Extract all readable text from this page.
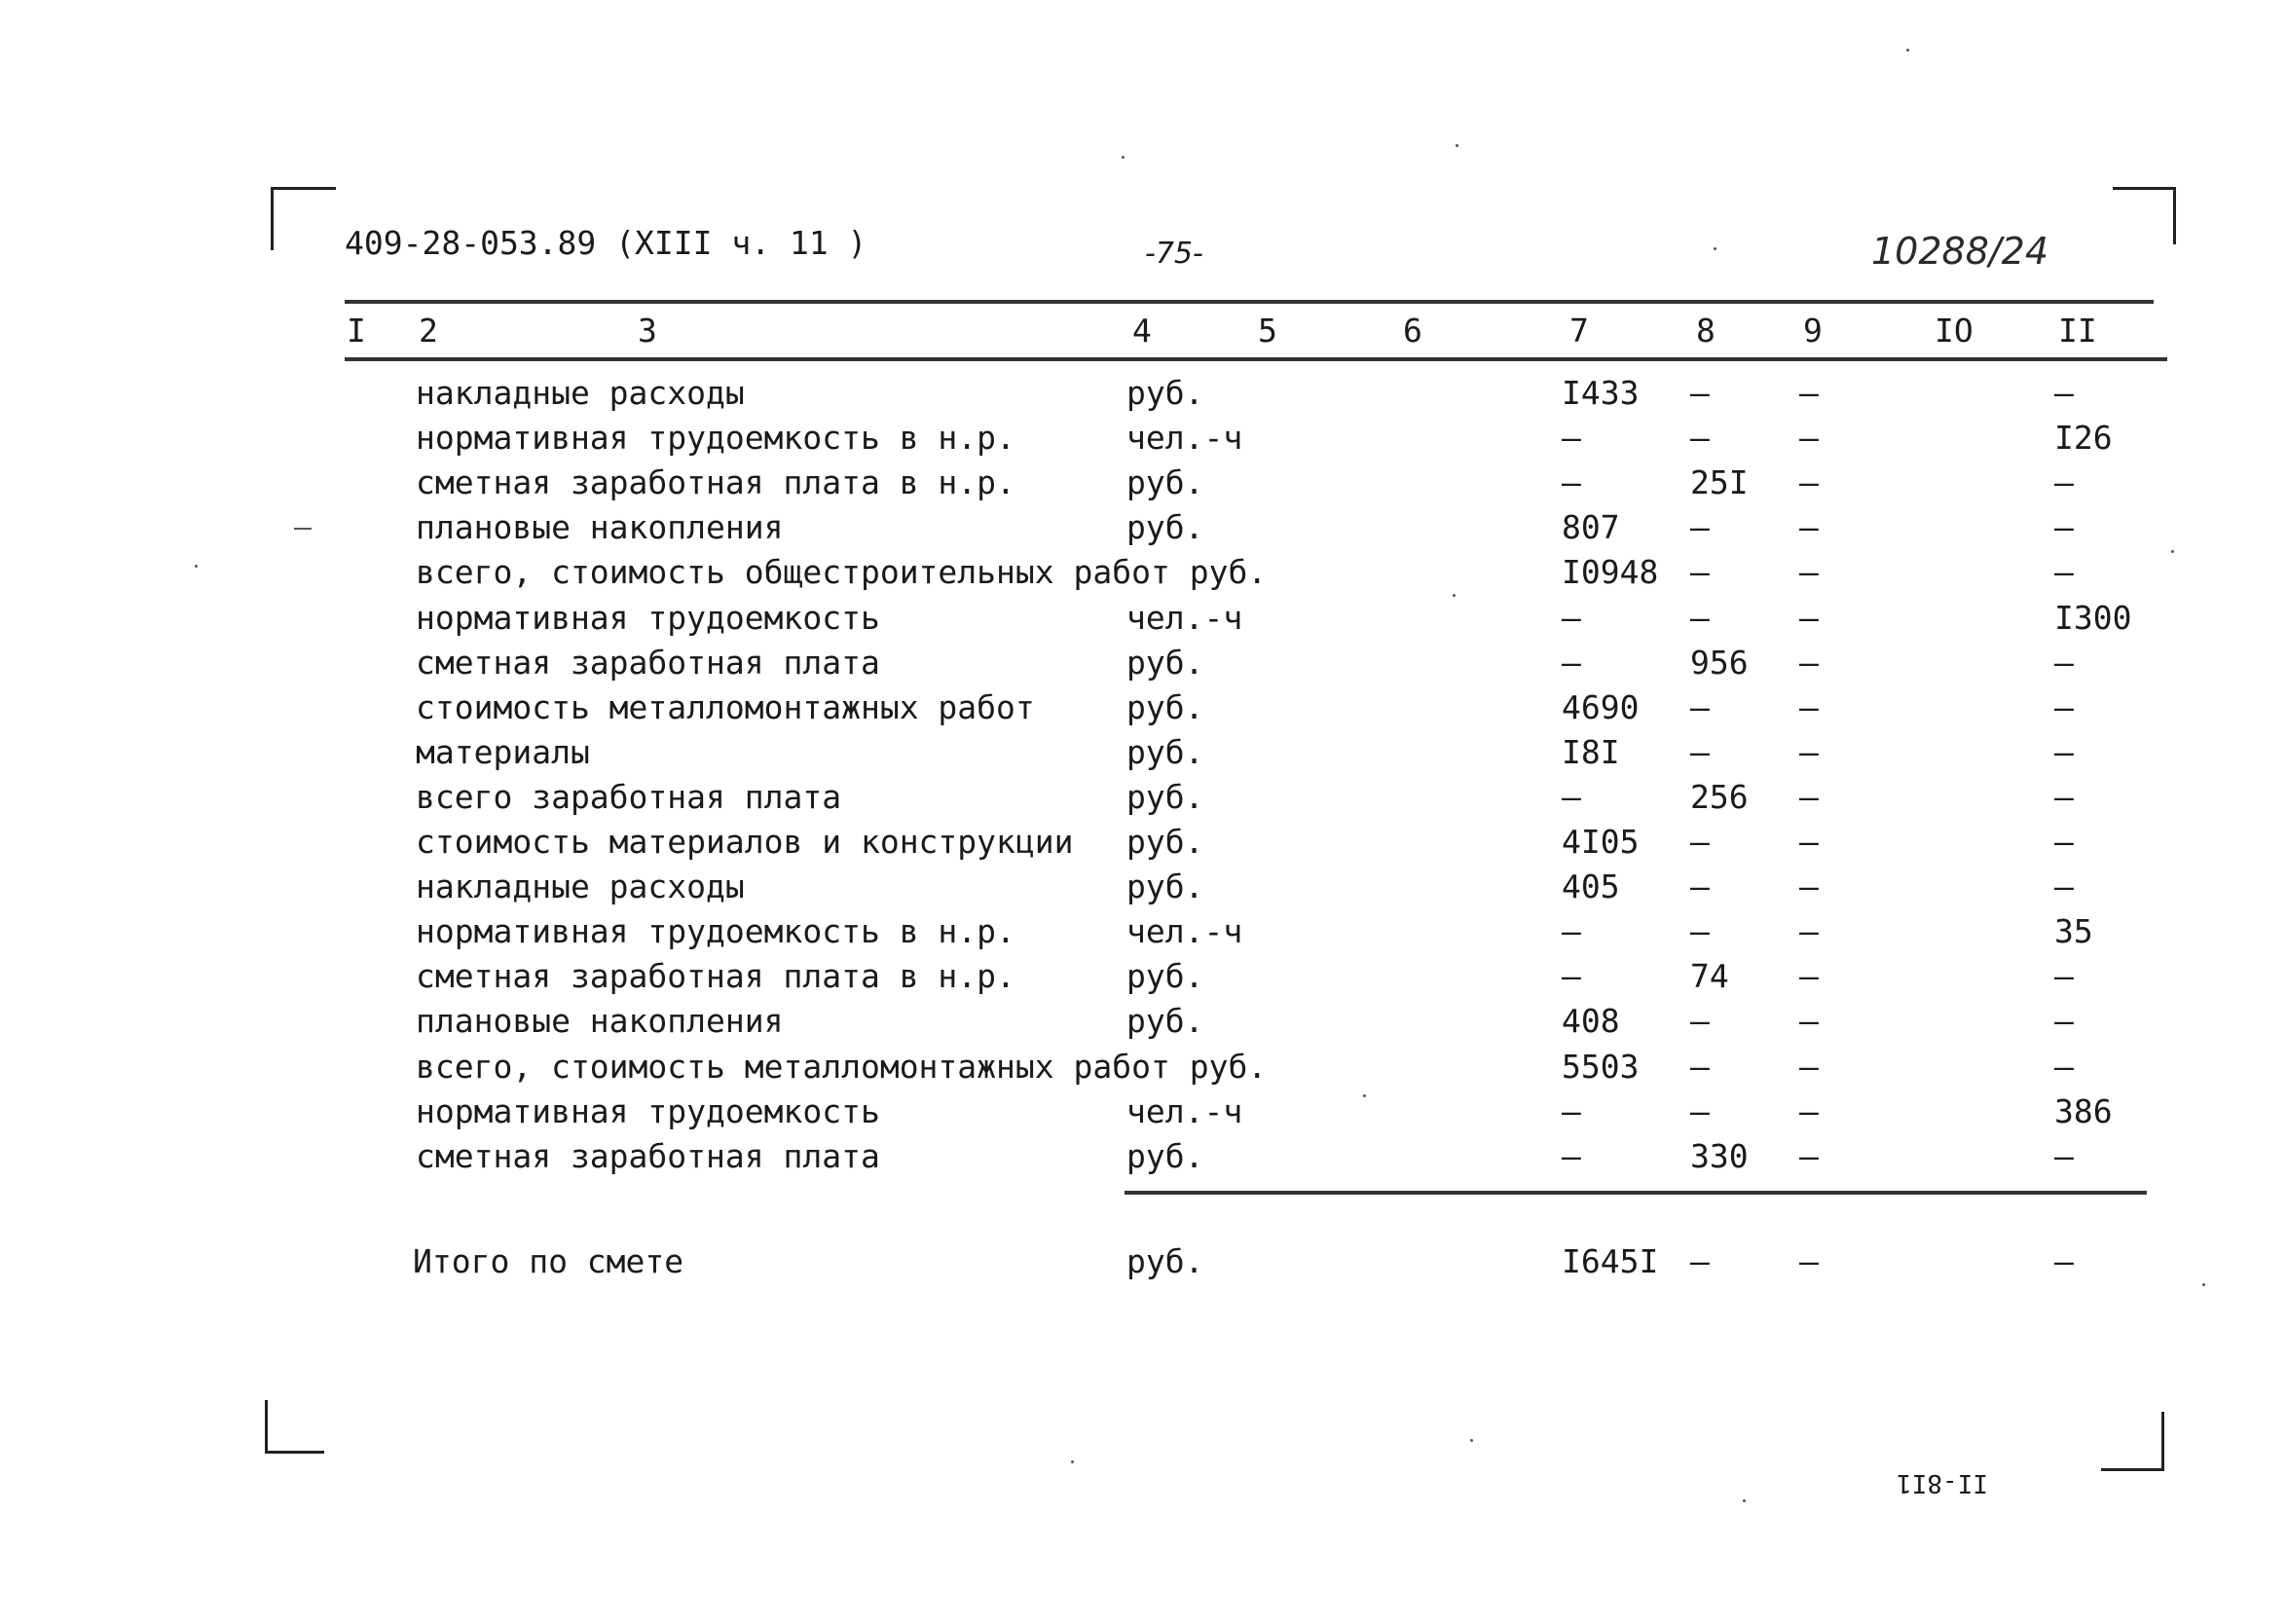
409-28-053.89 (XIII ч. 11 )	-75-	10288/24
I 2	3	4	5	6	7	8	9	IO	II
накладные расходы	руб.	I433 –	–	–
нормативная трудоемкость в н.р.	чел.-ч	–	–	–	I26
сметная заработная плата в н.р.	руб.	–	25I –	–
плановые накопления	руб.	807 –	–	–
всего, стоимость общестроительных работ руб.	I0948 –	–	–
нормативная трудоемкость	чел.-ч	–	–	–	I300
сметная заработная плата	руб.	–	956 –	–
стоимость металломонтажных работ	руб.	4690 –	–	–
материалы	руб.	I8I –	–	–
всего заработная плата	руб.	–	256 –	–
стоимость материалов и конструкции руб.	4I05 –	–	–
накладные расходы	руб.	405 –	–	–
нормативная трудоемкость в н.р.	чел.-ч	–	–	–	35
сметная заработная плата в н.р.	руб.	–	74 –	–
плановые накопления	руб.	408 –	–	–
всего, стоимость металломонтажных работ руб.	5503 –	–	–
нормативная трудоемкость	чел.-ч	–	–	–	386
сметная заработная плата	руб.	–	330 –	–
Итого по смете	руб.	I645I –	–	–
II-8I1
